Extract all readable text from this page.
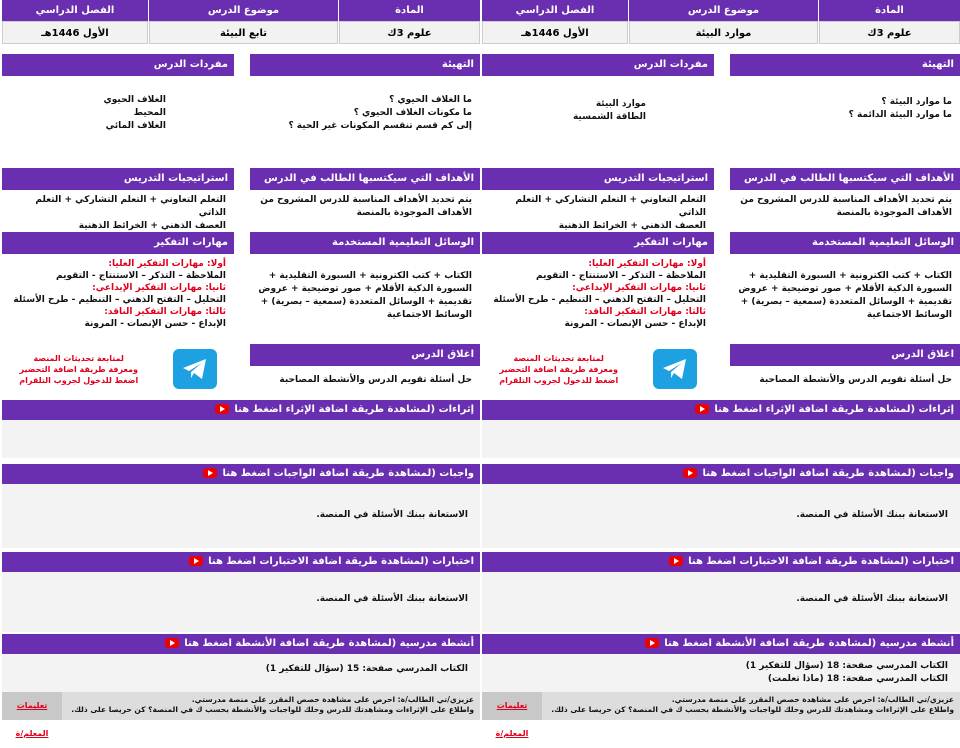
المادة
علوم 3ك
موضوع الدرس
موارد البيئة
الفصل الدراسي
الأول 1446هـ
التهيئة
ما موارد البيئة ؟
ما موارد البيئة الدائمة ؟
مفردات الدرس
موارد البيئة
الطاقة الشمسية
الأهداف التي سيكتسبها الطالب في الدرس
يتم تحديد الأهداف المناسبة للدرس المشروح من الأهداف الموجودة بالمنصة
استراتيجيات التدريس
التعلم التعاوني + التعلم التشاركي + التعلم الذاتي
العصف الذهني + الخرائط الذهنية
الوسائل التعليمية المستخدمة
الكتاب + كتب الكترونية + السبورة التقليدية + السبورة الذكية الأقلام + صور توضيحية + عروض تقديمية + الوسائل المتعددة (سمعية – بصرية) + الوسائط الاجتماعية
مهارات التفكير
أولا: مهارات التفكير العليا:
الملاحظة – التذكر – الاستنتاج - التقويم
ثانيا: مهارات التفكير الإبداعي:
التحليل – التفتح الذهني – التنظيم - طرح الأسئلة
ثالثا: مهارات التفكير الناقد:
الإبداع - حسن الإنصات - المرونة
اغلاق الدرس
حل أسئلة تقويم الدرس والأنشطة المصاحبة
لمتابعة تحديثات المنصة
ومعرفة طريقة اضافة التحضير
اضغط للدخول لجروب التلقرام
إثراءات (لمشاهدة طريقة اضافة الإثراء اضغط هنا
واجبات (لمشاهدة طريقة اضافة الواجبات اضغط هنا
الاستعانة ببنك الأسئلة في المنصة.
اختبارات (لمشاهدة طريقة اضافة الاختبارات اضغط هنا
الاستعانة ببنك الأسئلة في المنصة.
أنشطة مدرسية (لمشاهدة طريقة اضافة الأنشطة اضغط هنا
الكتاب المدرسي صفحة: 18 (سؤال للتفكير 1)
الكتاب المدرسي صفحة: 18 (ماذا تعلمت)
عزيزي/تي الطالب/ة: احرص على مشاهدة حصص المقرر على منصة مدرستي.
واطلاع على الإثراءات ومشاهدتك للدرس وحلك للواجبات والأنشطة بحسب ك في المنصة؟ كن حريصا على ذلك.
تعليمات المعلم/ة
المادة
علوم 3ك
موضوع الدرس
تابع البيئة
الفصل الدراسي
الأول 1446هـ
التهيئة
ما الغلاف الحيوي ؟
ما مكونات الغلاف الحيوي ؟
إلى كم قسم تنقسم المكونات غير الحية ؟
مفردات الدرس
الغلاف الحيوي
المحيط
الغلاف المائي
الأهداف التي سيكتسبها الطالب في الدرس
يتم تحديد الأهداف المناسبة للدرس المشروح من الأهداف الموجودة بالمنصة
استراتيجيات التدريس
التعلم التعاوني + التعلم التشاركي + التعلم الذاتي
العصف الذهني + الخرائط الذهنية
الوسائل التعليمية المستخدمة
الكتاب + كتب الكترونية + السبورة التقليدية + السبورة الذكية الأقلام + صور توضيحية + عروض تقديمية + الوسائل المتعددة (سمعية – بصرية) + الوسائط الاجتماعية
مهارات التفكير
أولا: مهارات التفكير العليا:
الملاحظة – التذكر – الاستنتاج - التقويم
ثانيا: مهارات التفكير الإبداعي:
التحليل – التفتح الذهني – التنظيم - طرح الأسئلة
ثالثا: مهارات التفكير الناقد:
الإبداع - حسن الإنصات - المرونة
اغلاق الدرس
حل أسئلة تقويم الدرس والأنشطة المصاحبة
لمتابعة تحديثات المنصة
ومعرفة طريقة اضافة التحضير
اضغط للدخول لجروب التلقرام
إثراءات (لمشاهدة طريقة اضافة الإثراء اضغط هنا
واجبات (لمشاهدة طريقة اضافة الواجبات اضغط هنا
الاستعانة ببنك الأسئلة في المنصة.
اختبارات (لمشاهدة طريقة اضافة الاختبارات اضغط هنا
الاستعانة ببنك الأسئلة في المنصة.
أنشطة مدرسية (لمشاهدة طريقة اضافة الأنشطة اضغط هنا
الكتاب المدرسي صفحة: 15 (سؤال للتفكير 1)
عزيزي/تي الطالب/ة: احرص على مشاهدة حصص المقرر على منصة مدرستي.
واطلاع على الإثراءات ومشاهدتك للدرس وحلك للواجبات والأنشطة بحسب ك في المنصة؟ كن حريصا على ذلك.
تعليمات المعلم/ة
